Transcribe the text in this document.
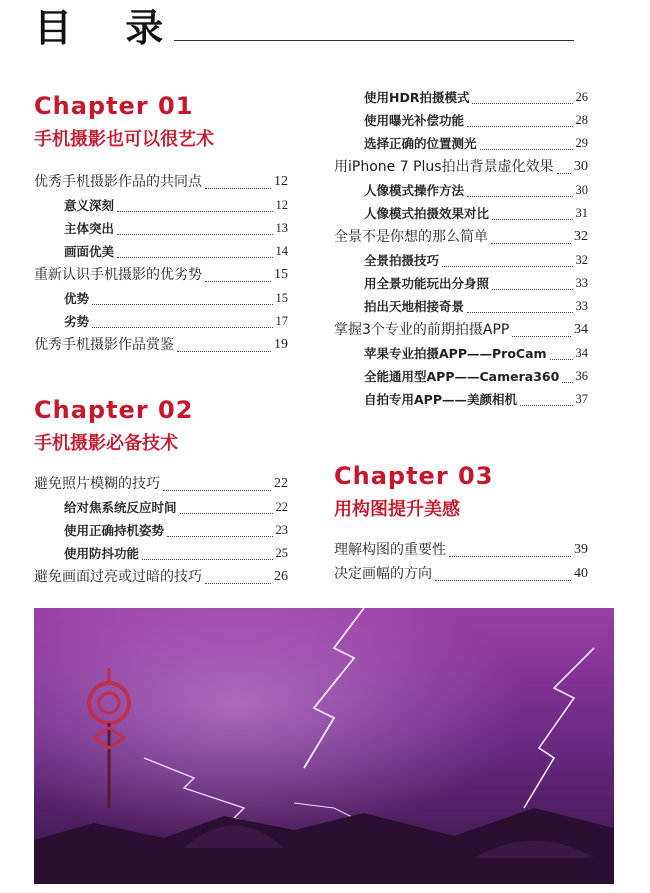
目 录
Chapter 01
手机摄影也可以很艺术
优秀手机摄影作品的共同点	12
意义深刻	12
主体突出	13
画面优美	14
重新认识手机摄影的优劣势	15
优势	15
劣势	17
优秀手机摄影作品赏鉴	19
Chapter 02
手机摄影必备技术
避免照片模糊的技巧	22
给对焦系统反应时间	22
使用正确持机姿势	23
使用防抖功能	25
避免画面过亮或过暗的技巧	26
使用HDR拍摄模式	26
使用曝光补偿功能	28
选择正确的位置测光	29
用iPhone 7 Plus拍出背景虚化效果 30
人像模式操作方法	30
人像模式拍摄效果对比	31
全景不是你想的那么简单	32
全景拍摄技巧	32
用全景功能玩出分身照	33
拍出天地相接奇景	33
掌握3个专业的前期拍摄APP	34
苹果专业拍摄APP——ProCam 34
全能通用型APP——Camera360 36
自拍专用APP——美颜相机	37
Chapter 03
用构图提升美感
理解构图的重要性	39
决定画幅的方向	40
